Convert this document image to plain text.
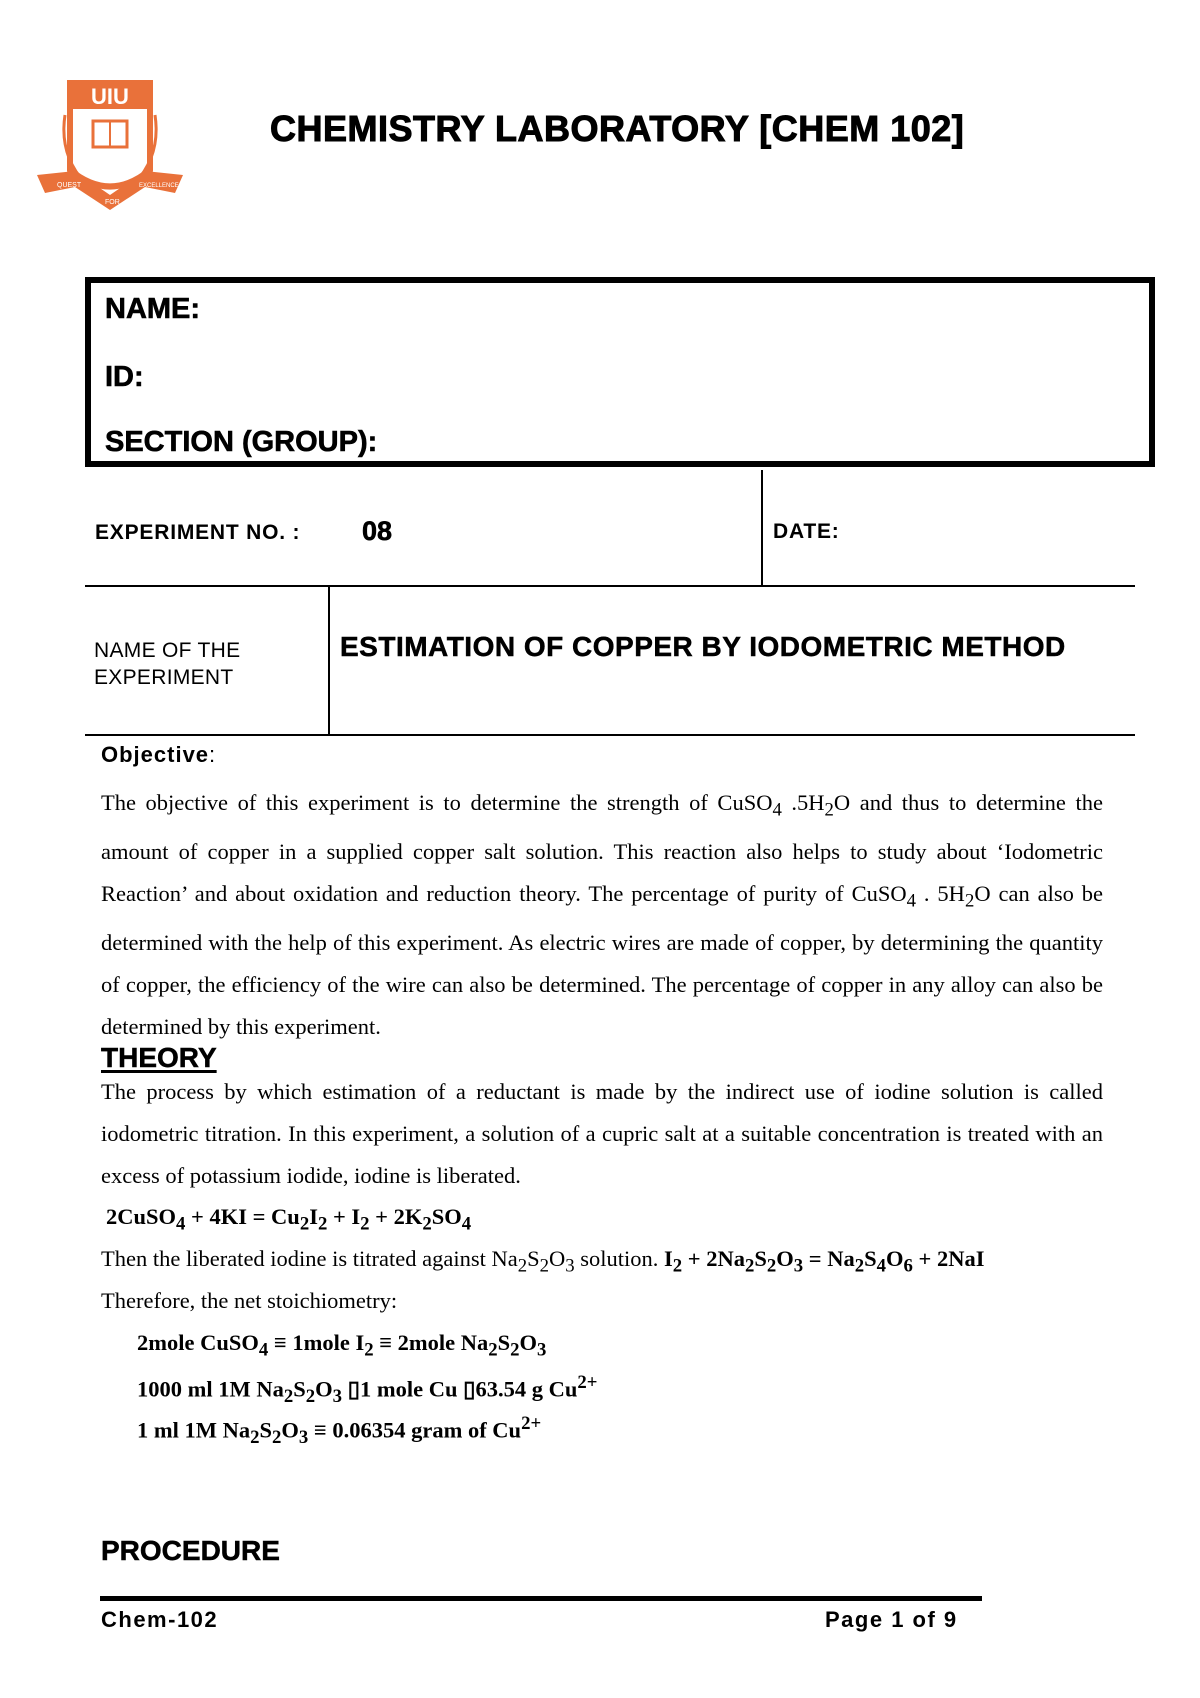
UIU
QUEST
FOR
EXCELLENCE
CHEMISTRY LABORATORY [CHEM 102]
NAME:
ID:
SECTION (GROUP):
EXPERIMENT NO. : 08	DATE:
NAME OF THE EXPERIMENT
ESTIMATION OF COPPER BY IODOMETRIC METHOD
Objective:
The objective of this experiment is to determine the strength of CuSO$_4$ $.5H_2O$ and thus to determine the amount of copper in a supplied copper salt solution. This reaction also helps to study about ‘Iodometric Reaction’ and about oxidation and reduction theory. The percentage of purity of CuSO$_4$ . $5H_2O$ can also be determined with the help of this experiment. As electric wires are made of copper, by determining the quantity of copper, the efficiency of the wire can also be determined. The percentage of copper in any alloy can also be determined by this experiment.
THEORY
The process by which estimation of a reductant is made by the indirect use of iodine solution is called iodometric titration. In this experiment, a solution of a cupric salt at a suitable concentration is treated with an excess of potassium iodide, iodine is liberated.
2CuSO$_4$ + $4KI = Cu_2I_2 + I_2 + 2K_2SO_4$
Then the liberated iodine is titrated against $Na_2S_2O_3$ solution. $I_2 + 2Na_2S_2O_3 = Na_2S_4O_6 + 2NaI$
Therefore, the net stoichiometry:
2mole CuSO$_4$ ≡ 1mole $I_2$ ≡ 2mole $Na_2S_2O_3$
1000 ml 1M $Na_2S_2O_3$ ▯1 mole Cu ▯63.54 g $Cu^{2+}$
1 ml 1M $Na_2S_2O_3 \equiv 0.06354$ gram of $Cu^{2+}$
PROCEDURE
Chem-102	Page 1 of 9
